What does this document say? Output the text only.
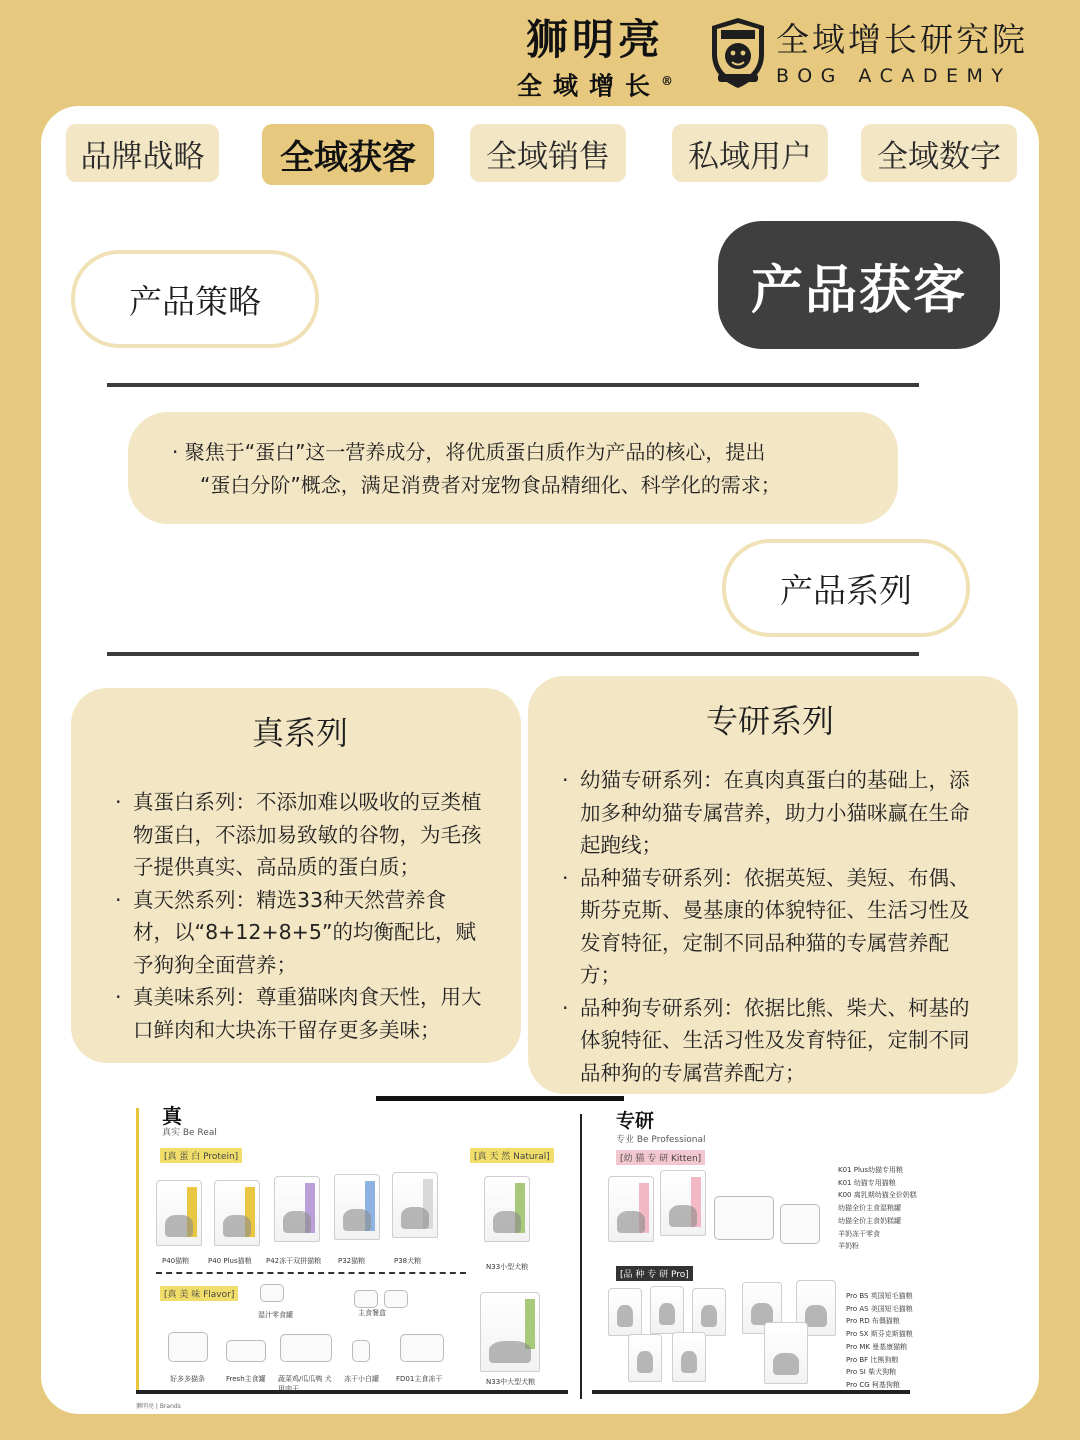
狮明亮
全域增长®
全域增长研究院
BOG ACADEMY
品牌战略	全域获客	全域销售	私域用户	全域数字
产品策略	产品获客

· 聚焦于“蛋白”这一营养成分，将优质蛋白质作为产品的核心，提出

“蛋白分阶”概念，满足消费者对宠物食品精细化、科学化的需求；

产品系列
真系列
· 真蛋白系列：不添加难以吸收的豆类植物蛋白，不添加易致敏的谷物，为毛孩子提供真实、高品质的蛋白质；
· 真天然系列：精选33种天然营养食材，以“8+12+8+5”的均衡配比，赋予狗狗全面营养；
· 真美味系列：尊重猫咪肉食天性，用大口鲜肉和大块冻干留存更多美味；
专研系列
· 幼猫专研系列：在真肉真蛋白的基础上，添加多种幼猫专属营养，助力小猫咪赢在生命起跑线；
· 品种猫专研系列：依据英短、美短、布偶、斯芬克斯、曼基康的体貌特征、生活习性及发育特征，定制不同品种猫的专属营养配方；
· 品种狗专研系列：依据比熊、柴犬、柯基的体貌特征、生活习性及发育特征，定制不同品种狗的专属营养配方；
真
真实 Be Real
[真 蛋 白 Protein]	[真 天 然 Natural]
P40猫粮	P40 Plus猫粮 P42冻干双拼猫粮 P32猫粮	P38犬粮
N33小型犬粮
[真 美 味 Flavor]
湿汁零食罐	主食餐盒
好多多猫条	Fresh主食罐 蔬菜鸡/瓜瓜鸭 犬用肉干
冻干小白罐 FD01主食冻干	N33中大型犬粮
专研
专业 Be Professional
[幼 猫 专 研 Kitten]
K01 Plus幼猫专用粮
K01 幼猫专用猫粮
K00 离乳期幼猫全价奶糕
幼猫全价主食湿粮罐
幼猫全价主食奶糕罐
羊奶冻干零食
羊奶粉
[品 种 专 研 Pro]
Pro BS 英国短毛猫粮
Pro AS 美国短毛猫粮
Pro RD 布偶猫粮
Pro SX 斯芬克斯猫粮
Pro MK 曼基康猫粮
Pro BF 比熊狗粮
Pro SI 柴犬狗粮
Pro CG 柯基狗粮
狮明亮 | Brands
